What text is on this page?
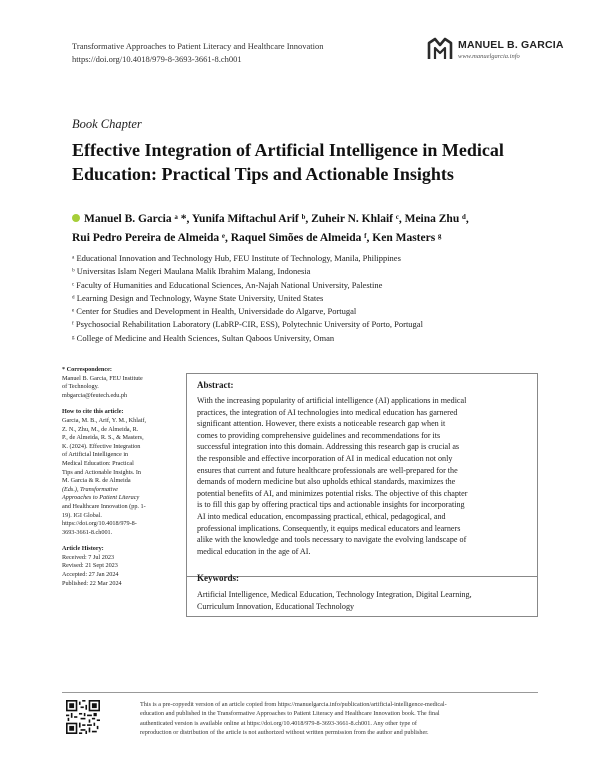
Transformative Approaches to Patient Literacy and Healthcare Innovation
https://doi.org/10.4018/979-8-3693-3661-8.ch001
MANUEL B. GARCIA
www.manuelgarcia.info
Book Chapter
Effective Integration of Artificial Intelligence in Medical
Education: Practical Tips and Actionable Insights
Manuel B. Garcia ᵃ *, Yunifa Miftachul Arif ᵇ, Zuheir N. Khlaif ᶜ, Meina Zhu ᵈ,
Rui Pedro Pereira de Almeida ᵉ, Raquel Simões de Almeida ᶠ, Ken Masters ᵍ
ᵃ Educational Innovation and Technology Hub, FEU Institute of Technology, Manila, Philippines
ᵇ Universitas Islam Negeri Maulana Malik Ibrahim Malang, Indonesia
ᶜ Faculty of Humanities and Educational Sciences, An-Najah National University, Palestine
ᵈ Learning Design and Technology, Wayne State University, United States
ᵉ Center for Studies and Development in Health, Universidade do Algarve, Portugal
ᶠ Psychosocial Rehabilitation Laboratory (LabRP-CIR, ESS), Polytechnic University of Porto, Portugal
ᵍ College of Medicine and Health Sciences, Sultan Qaboos University, Oman
* Correspondence:
Manuel B. Garcia, FEU Institute
of Technology.
mbgarcia@feutech.edu.ph
How to cite this article:
Garcia, M. B., Arif, Y. M., Khlaif,
Z. N., Zhu, M., de Almeida, R.
P., de Almeida, R. S., & Masters,
K. (2024). Effective Integration
of Artificial Intelligence in
Medical Education: Practical
Tips and Actionable Insights. In
M. Garcia & R. de Almeida
(Eds.), Transformative
Approaches to Patient Literacy
and Healthcare Innovation (pp. 1-
19). IGI Global.
https://doi.org/10.4018/979-8-
3693-3661-8.ch001.
Article History:
Received: 7 Jul 2023
Revised: 21 Sept 2023
Accepted: 27 Jan 2024
Published: 22 Mar 2024
Abstract:
With the increasing popularity of artificial intelligence (AI) applications in medical
practices, the integration of AI technologies into medical education has garnered
significant attention. However, there exists a noticeable research gap when it
comes to providing comprehensive guidelines and recommendations for its
successful integration into this domain. Addressing this research gap is crucial as
the responsible and effective incorporation of AI in medical education not only
ensures that current and future healthcare professionals are well-prepared for the
demands of modern medicine but also upholds ethical standards, maximizes the
potential benefits of AI, and minimizes potential risks. The objective of this chapter
is to fill this gap by offering practical tips and actionable insights for incorporating
AI into medical education, encompassing practical, ethical, pedagogical, and
professional implications. Consequently, it equips medical educators and learners
alike with the knowledge and tools necessary to navigate the evolving landscape of
medical education in the age of AI.
Keywords:
Artificial Intelligence, Medical Education, Technology Integration, Digital Learning,
Curriculum Innovation, Educational Technology
This is a pre-copyedit version of an article copied from https://manuelgarcia.info/publication/artificial-intelligence-medical-
education and published in the Transformative Approaches to Patient Literacy and Healthcare Innovation book. The final
authenticated version is available online at https://doi.org/10.4018/979-8-3693-3661-8.ch001. Any other type of
reproduction or distribution of the article is not authorized without written permission from the author and publisher.
